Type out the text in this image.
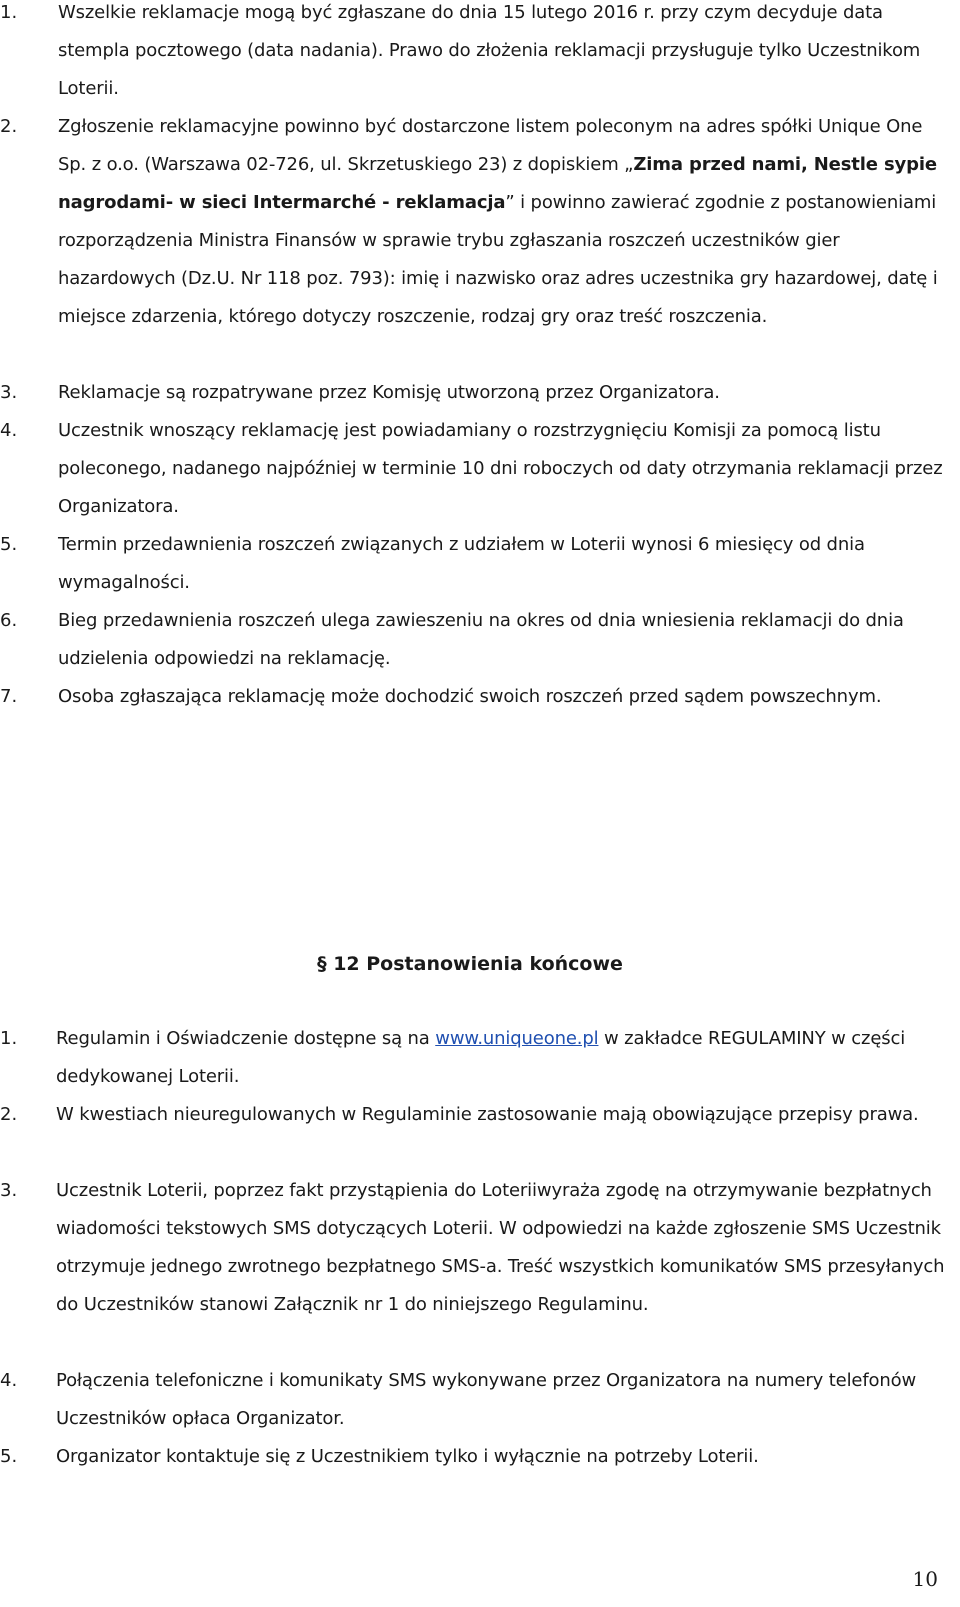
1. Wszelkie reklamacje mogą być zgłaszane do dnia 15 lutego 2016 r. przy czym decyduje data stempla pocztowego (data nadania). Prawo do złożenia reklamacji przysługuje tylko Uczestnikom Loterii.
2. Zgłoszenie reklamacyjne powinno być dostarczone listem poleconym na adres spółki Unique One Sp. z o.o. (Warszawa 02-726, ul. Skrzetuskiego 23) z dopiskiem „Zima przed nami, Nestle sypie nagrodami- w sieci Intermarché - reklamacja” i powinno zawierać zgodnie z postanowieniami rozporządzenia Ministra Finansów w sprawie trybu zgłaszania roszczeń uczestników gier hazardowych (Dz.U. Nr 118 poz. 793): imię i nazwisko oraz adres uczestnika gry hazardowej, datę i miejsce zdarzenia, którego dotyczy roszczenie, rodzaj gry oraz treść roszczenia.
3. Reklamacje są rozpatrywane przez Komisję utworzoną przez Organizatora.
4. Uczestnik wnoszący reklamację jest powiadamiany o rozstrzygnięciu Komisji za pomocą listu poleconego, nadanego najpóźniej w terminie 10 dni roboczych od daty otrzymania reklamacji przez Organizatora.
5. Termin przedawnienia roszczeń związanych z udziałem w Loterii wynosi 6 miesięcy od dnia wymagalności.
6. Bieg przedawnienia roszczeń ulega zawieszeniu na okres od dnia wniesienia reklamacji do dnia udzielenia odpowiedzi na reklamację.
7. Osoba zgłaszająca reklamację może dochodzić swoich roszczeń przed sądem powszechnym.
§ 12 Postanowienia końcowe
1. Regulamin i Oświadczenie dostępne są na www.uniqueone.pl w zakładce REGULAMINY w części dedykowanej Loterii.
2. W kwestiach nieuregulowanych w Regulaminie zastosowanie mają obowiązujące przepisy prawa.
3. Uczestnik Loterii, poprzez fakt przystąpienia do Loteriiwyraża zgodę na otrzymywanie bezpłatnych wiadomości tekstowych SMS dotyczących Loterii. W odpowiedzi na każde zgłoszenie SMS Uczestnik otrzymuje jednego zwrotnego bezpłatnego SMS-a. Treść wszystkich komunikatów SMS przesyłanych do Uczestników stanowi Załącznik nr 1 do niniejszego Regulaminu.
4. Połączenia telefoniczne i komunikaty SMS wykonywane przez Organizatora na numery telefonów Uczestników opłaca Organizator.
5. Organizator kontaktuje się z Uczestnikiem tylko i wyłącznie na potrzeby Loterii.
10
